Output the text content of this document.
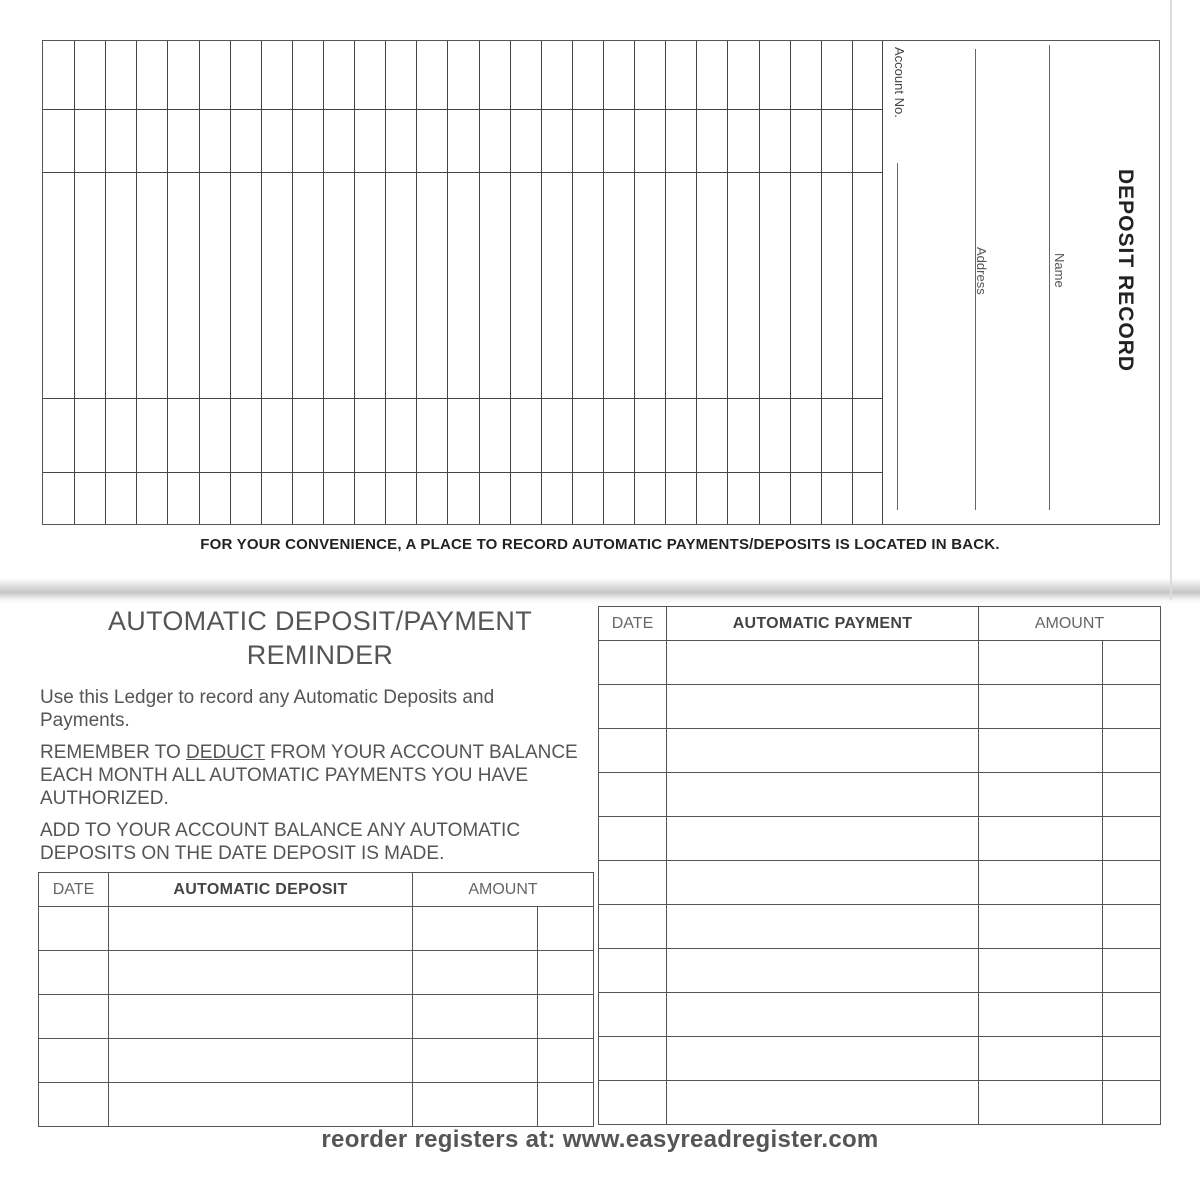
Account No.
Address	Name DEPOSIT RECORD
FOR YOUR CONVENIENCE, A PLACE TO RECORD AUTOMATIC PAYMENTS/DEPOSITS IS LOCATED IN BACK.
AUTOMATIC DEPOSIT/PAYMENT
REMINDER
Use this Ledger to record any Automatic Deposits and Payments.
REMEMBER TO DEDUCT FROM YOUR ACCOUNT BALANCE EACH MONTH ALL AUTOMATIC PAYMENTS YOU HAVE AUTHORIZED.
ADD TO YOUR ACCOUNT BALANCE ANY AUTOMATIC DEPOSITS ON THE DATE DEPOSIT IS MADE.
DATE	AUTOMATIC DEPOSIT	AMOUNT	

DATE	AUTOMATIC PAYMENT	AMOUNT	

reorder registers at: www.easyreadregister.com
